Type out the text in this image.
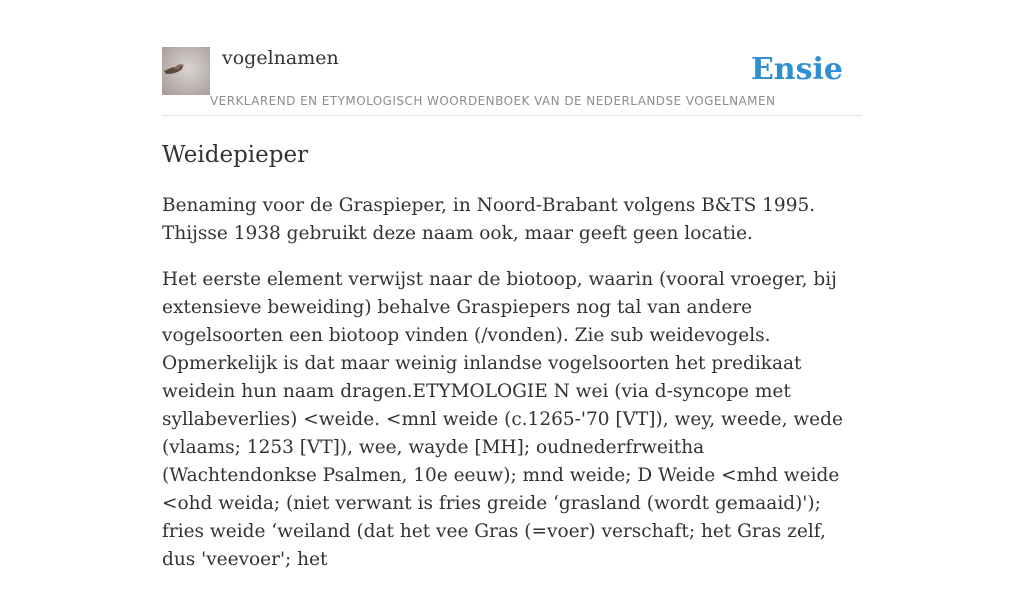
vogelnamen
VERKLAREND EN ETYMOLOGISCH WOORDENBOEK VAN DE NEDERLANDSE VOGELNAMEN
Ensie
Weidepieper

Benaming voor de Graspieper, in Noord-Brabant volgens B&TS 1995. Thijsse 1938 gebruikt deze naam ook, maar geeft geen locatie.

Het eerste element verwijst naar de biotoop, waarin (vooral vroeger, bij extensieve beweiding) behalve Graspiepers nog tal van andere vogelsoorten een biotoop vinden (/vonden). Zie sub weidevogels. Opmerkelijk is dat maar weinig inlandse vogelsoorten het predikaat weidein hun naam dragen.ETYMOLOGIE N wei (via d-syncope met syllabeverlies) <weide. <mnl weide (c.1265-'70 [VT]), wey, weede, wede (vlaams; 1253 [VT]), wee, wayde [MH]; oudnederfrweitha (Wachtendonkse Psalmen, 10e eeuw); mnd weide; D Weide <mhd weide <ohd weida; (niet verwant is fries greide ‘grasland (wordt gemaaid)'); fries weide ‘weiland (dat het vee Gras (=voer) verschaft; het Gras zelf, dus 'veevoer'; het
